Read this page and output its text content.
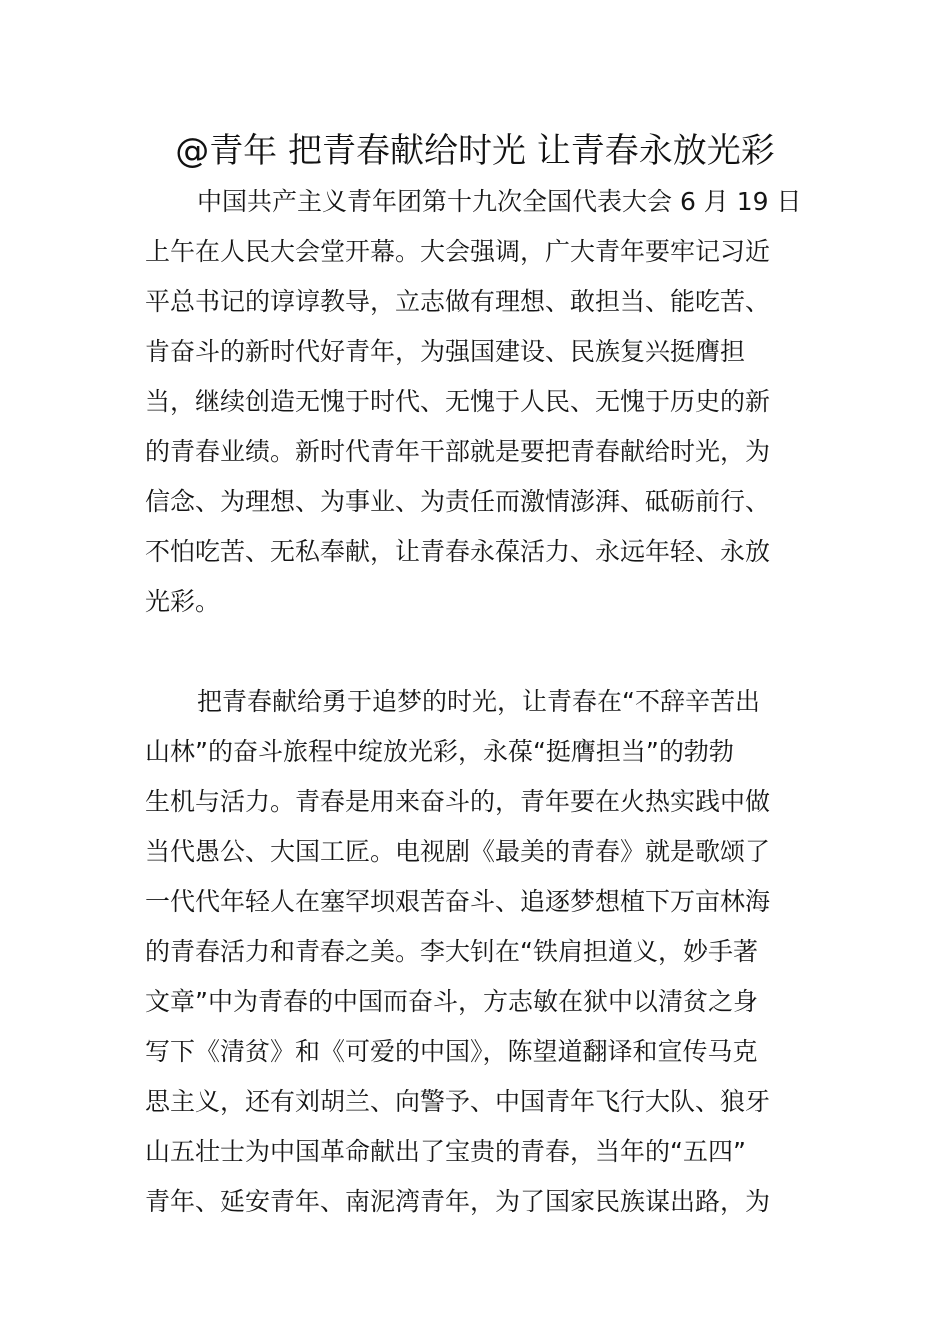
@青年 把青春献给时光 让青春永放光彩
中国共产主义青年团第十九次全国代表大会 6 月 19 日
上午在人民大会堂开幕。大会强调，广大青年要牢记习近
平总书记的谆谆教导，立志做有理想、敢担当、能吃苦、
肯奋斗的新时代好青年，为强国建设、民族复兴挺膺担
当，继续创造无愧于时代、无愧于人民、无愧于历史的新
的青春业绩。新时代青年干部就是要把青春献给时光，为
信念、为理想、为事业、为责任而激情澎湃、砥砺前行、
不怕吃苦、无私奉献，让青春永葆活力、永远年轻、永放
光彩。
把青春献给勇于追梦的时光，让青春在“不辞辛苦出
山林”的奋斗旅程中绽放光彩，永葆“挺膺担当”的勃勃
生机与活力。青春是用来奋斗的，青年要在火热实践中做
当代愚公、大国工匠。电视剧《最美的青春》就是歌颂了
一代代年轻人在塞罕坝艰苦奋斗、追逐梦想植下万亩林海
的青春活力和青春之美。李大钊在“铁肩担道义，妙手著
文章”中为青春的中国而奋斗，方志敏在狱中以清贫之身
写下《清贫》和《可爱的中国》，陈望道翻译和宣传马克
思主义，还有刘胡兰、向警予、中国青年飞行大队、狼牙
山五壮士为中国革命献出了宝贵的青春，当年的“五四”
青年、延安青年、南泥湾青年，为了国家民族谋出路，为
